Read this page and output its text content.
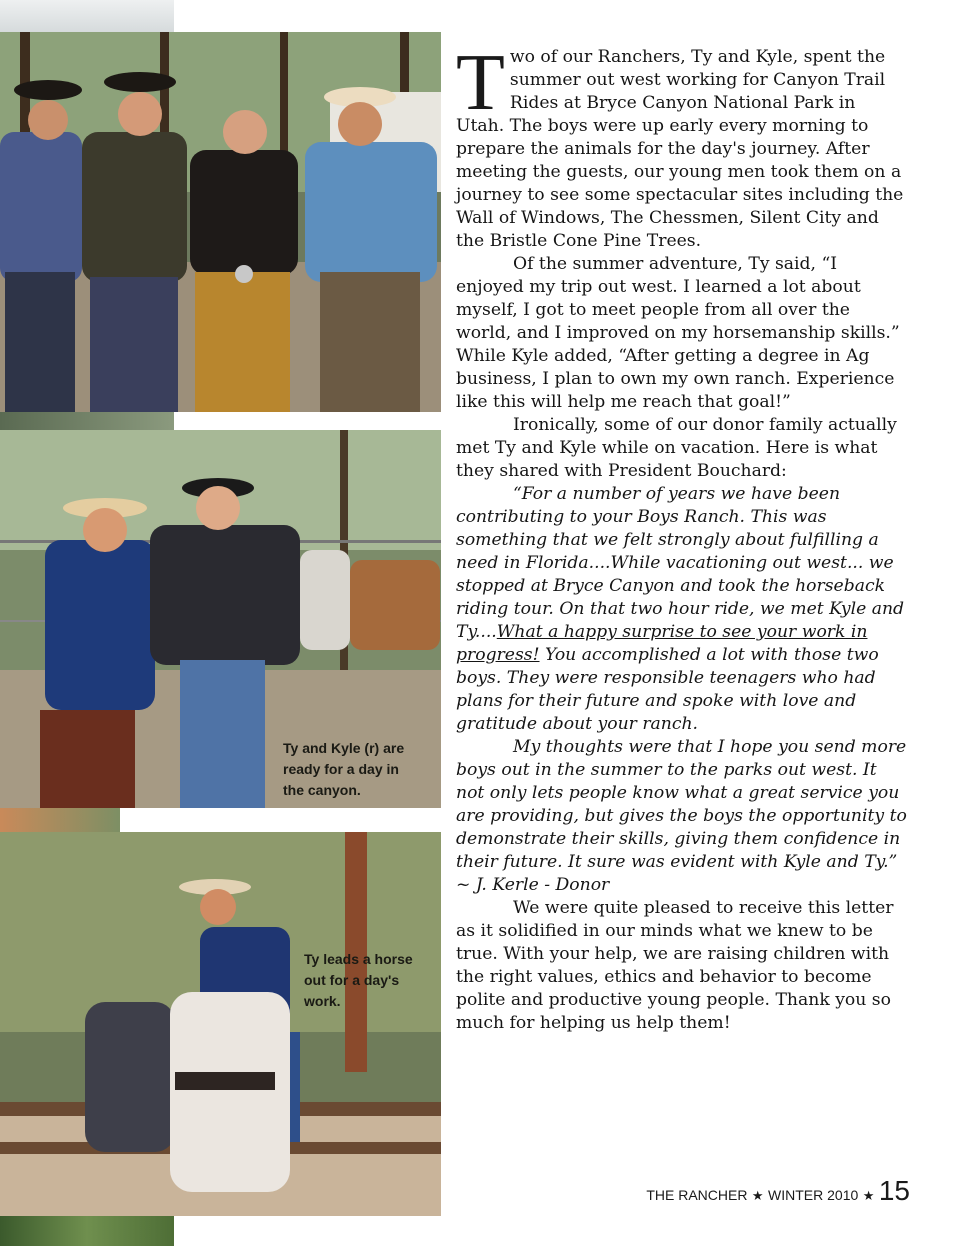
Ty and Kyle (r) are ready for a day in the canyon.
Ty leads a horse out for a day's work.

Two of our Ranchers, Ty and Kyle, spent the summer out west working for Canyon Trail Rides at Bryce Canyon National Park in Utah. The boys were up early every morning to prepare the animals for the day's journey. After meeting the guests, our young men took them on a journey to see some spectacular sites including the Wall of Windows, The Chessmen, Silent City and the Bristle Cone Pine Trees.

Of the summer adventure, Ty said, “I enjoyed my trip out west. I learned a lot about myself, I got to meet people from all over the world, and I improved on my horsemanship skills.” While Kyle added, “After getting a degree in Ag business, I plan to own my own ranch. Experience like this will help me reach that goal!”

Ironically, some of our donor family actually met Ty and Kyle while on vacation. Here is what they shared with President Bouchard:

“For a number of years we have been contributing to your Boys Ranch. This was something that we felt strongly about fulfilling a need in Florida....While vacationing out west... we stopped at Bryce Canyon and took the horseback riding tour. On that two hour ride, we met Kyle and Ty....What a happy surprise to see your work in progress! You accomplished a lot with those two boys. They were responsible teenagers who had plans for their future and spoke with love and gratitude about your ranch.

My thoughts were that I hope you send more boys out in the summer to the parks out west. It not only lets people know what a great service you are providing, but gives the boys the opportunity to demonstrate their skills, giving them confidence in their future. It sure was evident with Kyle and Ty.” ~ J. Kerle - Donor

We were quite pleased to receive this letter as it solidified in our minds what we knew to be true. With your help, we are raising children with the right values, ethics and behavior to become polite and productive young people. Thank you so much for helping us help them!

THE RANCHER ★ WINTER 2010 ★ 15
